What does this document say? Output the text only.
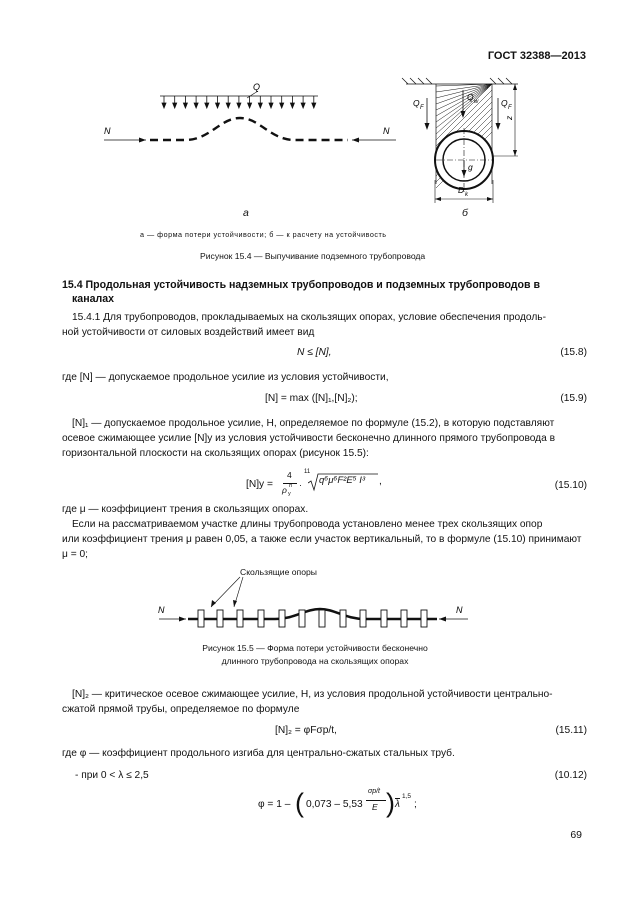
ГОСТ 32388—2013
Q
N	N
Q F
Q w	Q F
z
g
D k
а	б
а — форма потери устойчивости; б — к расчету на устойчивость
Рисунок 15.4 — Выпучивание подземного трубопровода
15.4 Продольная устойчивость надземных трубопроводов и подземных трубопроводов в
каналах
15.4.1 Для трубопроводов, прокладываемых на скользящих опорах, условие обеспечения продоль-
ной устойчивости от силовых воздействий имеет вид
N ≤ [N],	(15.8)
где [N] — допускаемое продольное усилие из условия устойчивости,
[N] = max ([N]₁,[N]₂);	(15.9)
[N]₁ — допускаемое продольное усилие, Н, определяемое по формуле (15.2), в которую подставляют
осевое сжимающее усилие [N]у из условия устойчивости бесконечно длинного прямого трубопровода в
горизонтальной плоскости на скользящих опорах (рисунок 15.5):
[N]у =
4
ρ n
у
·
11
q⁶μ⁶F²E⁵ I³ ,	(15.10)
где μ — коэффициент трения в скользящих опорах.
Если на рассматриваемом участке длины трубопровода установлено менее трех скользящих опор
или коэффициент трения μ равен 0,05, а также если участок вертикальный, то в формуле (15.10) принимают
μ = 0;
Скользящие опоры
N	N
Рисунок 15.5 — Форма потери устойчивости бесконечно
длинного трубопровода на скользящих опорах
[N]₂ — критическое осевое сжимающее усилие, Н, из условия продольной устойчивости центрально-
сжатой прямой трубы, определяемое по формуле
[N]₂ = φFσp/t,	(15.11)
где φ — коэффициент продольного изгиба для центрально-сжатых стальных труб.
- при 0 < λ ≤ 2,5	(10.12)
φ = 1 – ( 0,073 – 5,53
σp/t
E ) λ
1,5
;
69
